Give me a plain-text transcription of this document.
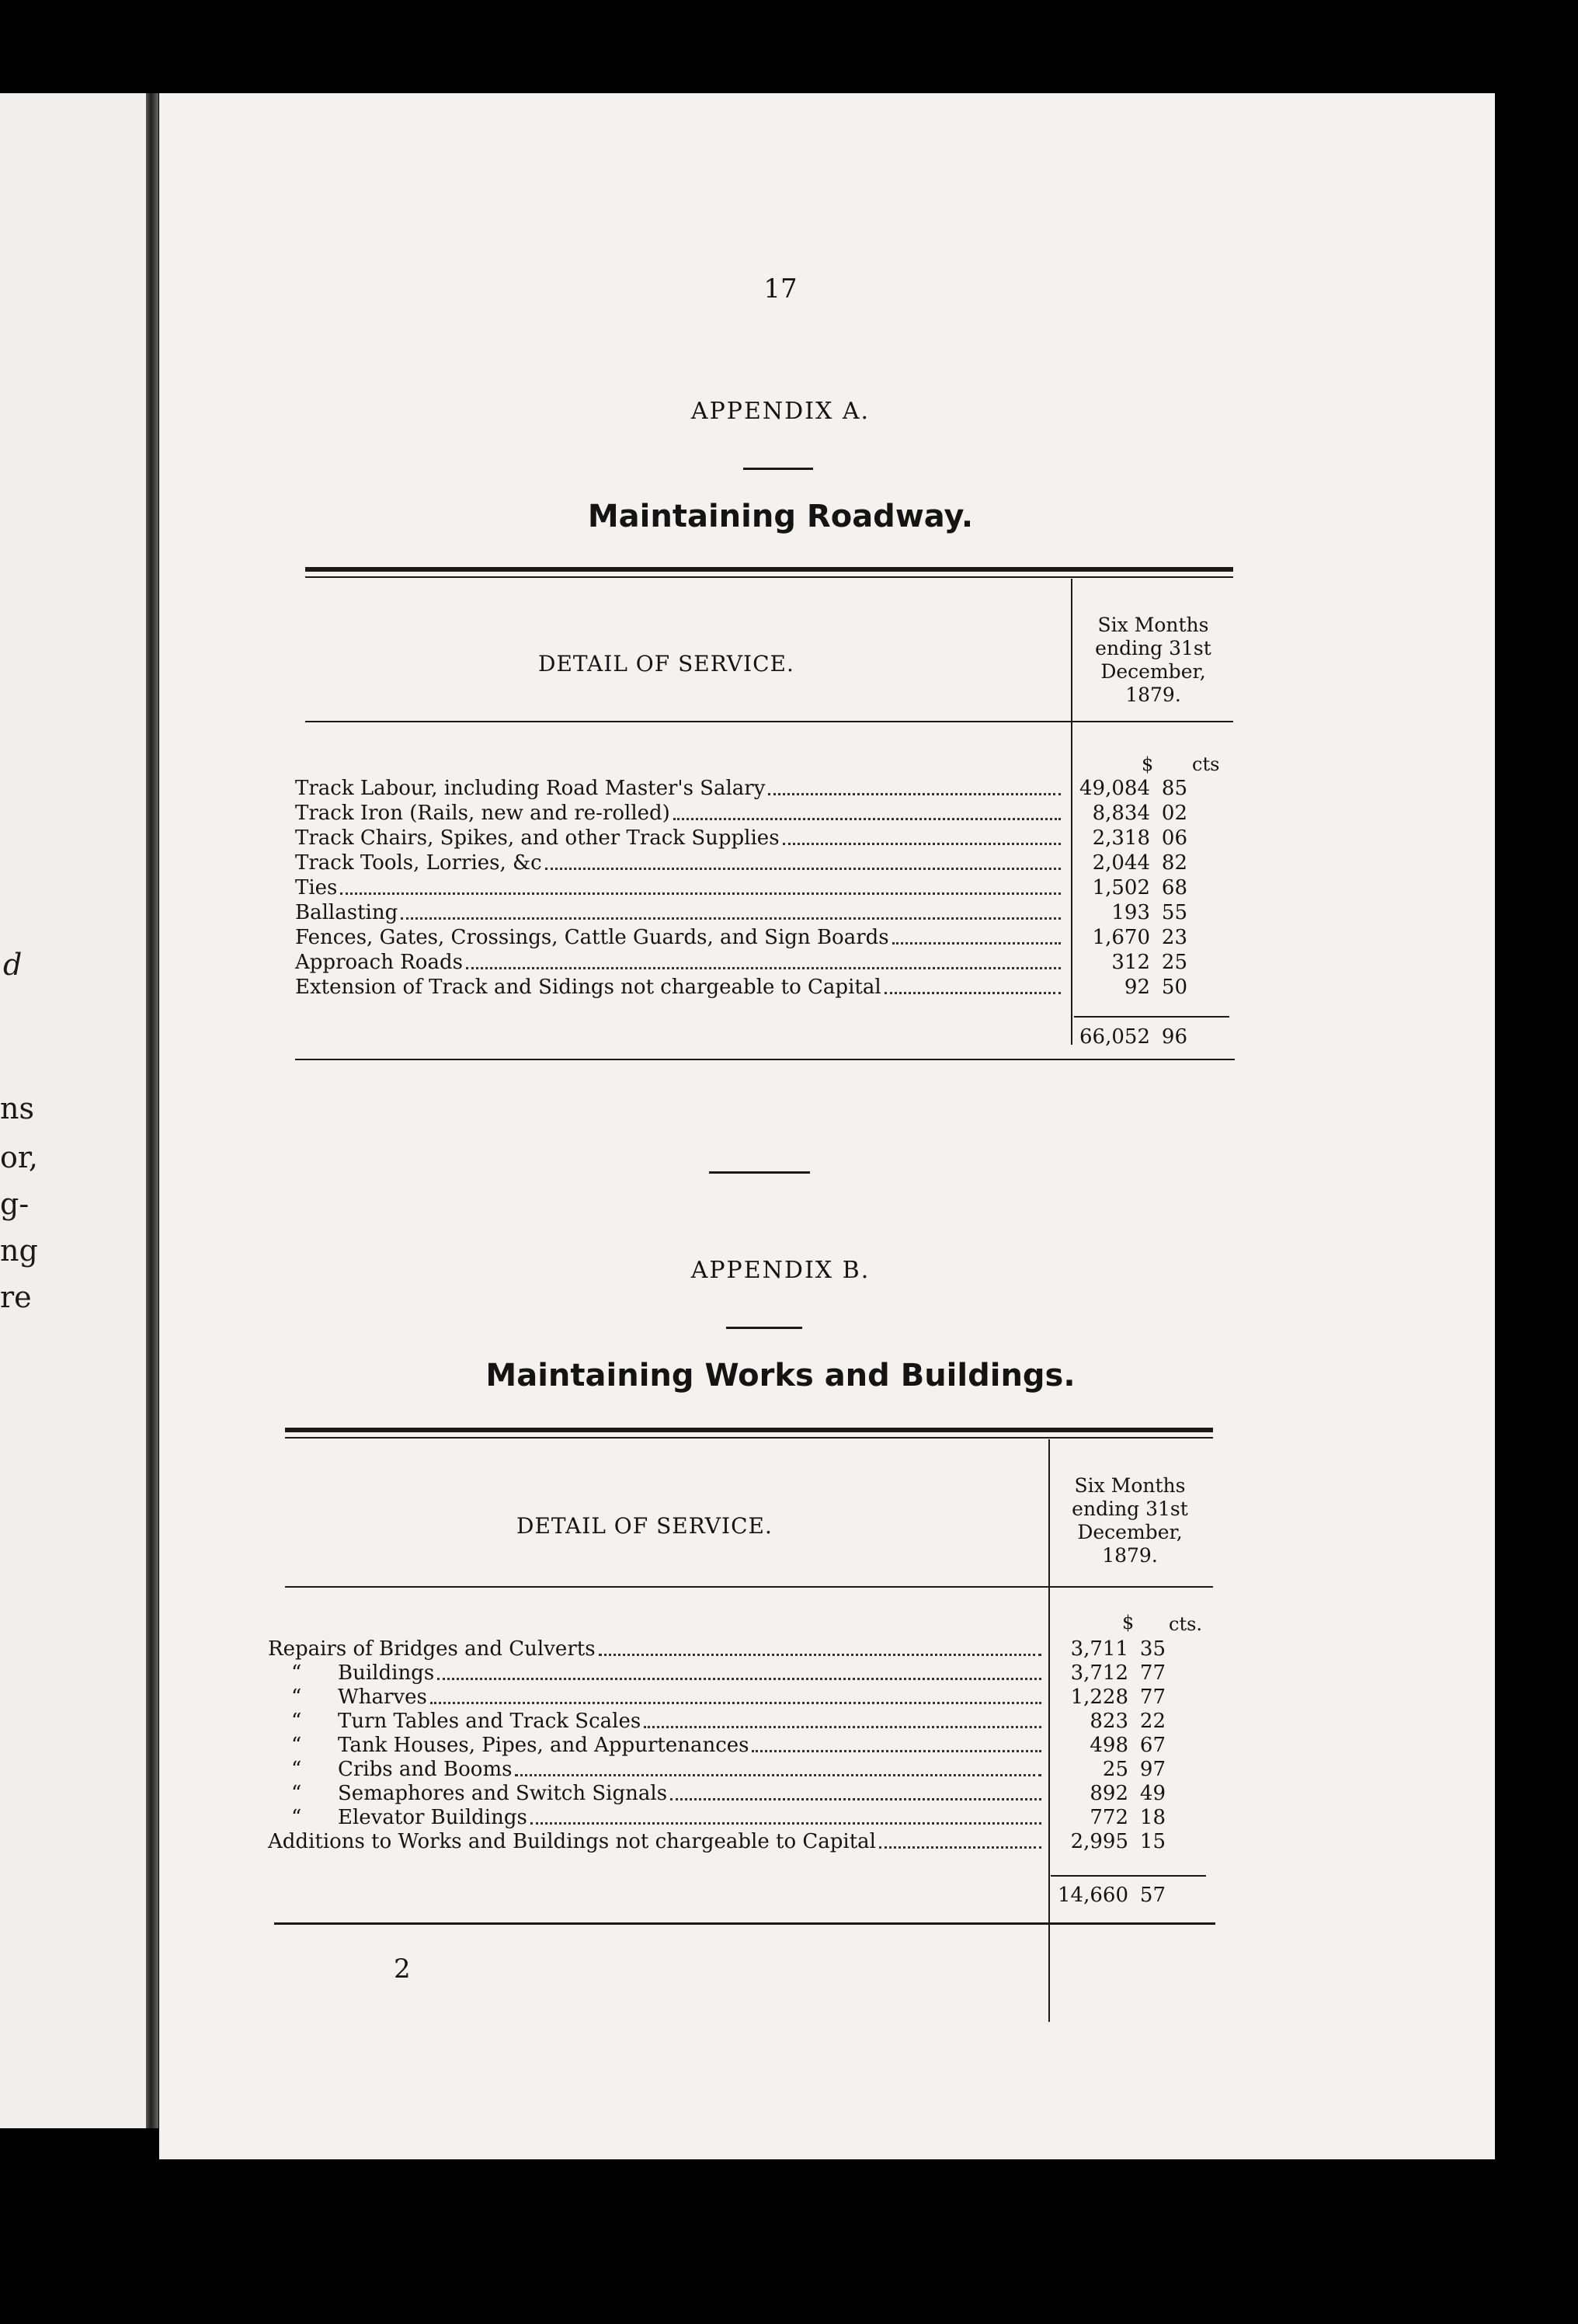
d
ns
or,
g-
ng
re
17
APPENDIX A.
Maintaining Roadway.
DETAIL OF SERVICE.
Six Months
ending 31st
December,
1879.
$ cts
Track Labour, including Road Master's Salary	49,084 85
Track Iron (Rails, new and re-rolled)	8,834 02
Track Chairs, Spikes, and other Track Supplies	2,318 06
Track Tools, Lorries, &c	2,044 82
Ties	1,502 68
Ballasting	193 55
Fences, Gates, Crossings, Cattle Guards, and Sign Boards	1,670 23
Approach Roads	312 25
Extension of Track and Sidings not chargeable to Capital	92 50
66,052 96
APPENDIX B.
Maintaining Works and Buildings.
DETAIL OF SERVICE.
Six Months
ending 31st
December,
1879.
$ cts.
Repairs of Bridges and Culverts	3,711 35
“	Buildings	3,712 77
“	Wharves	1,228 77
“	Turn Tables and Track Scales	823 22
“	Tank Houses, Pipes, and Appurtenances	498 67
“	Cribs and Booms	25 97
“	Semaphores and Switch Signals	892 49
“	Elevator Buildings	772 18
Additions to Works and Buildings not chargeable to Capital	2,995 15
14,660 57
2
